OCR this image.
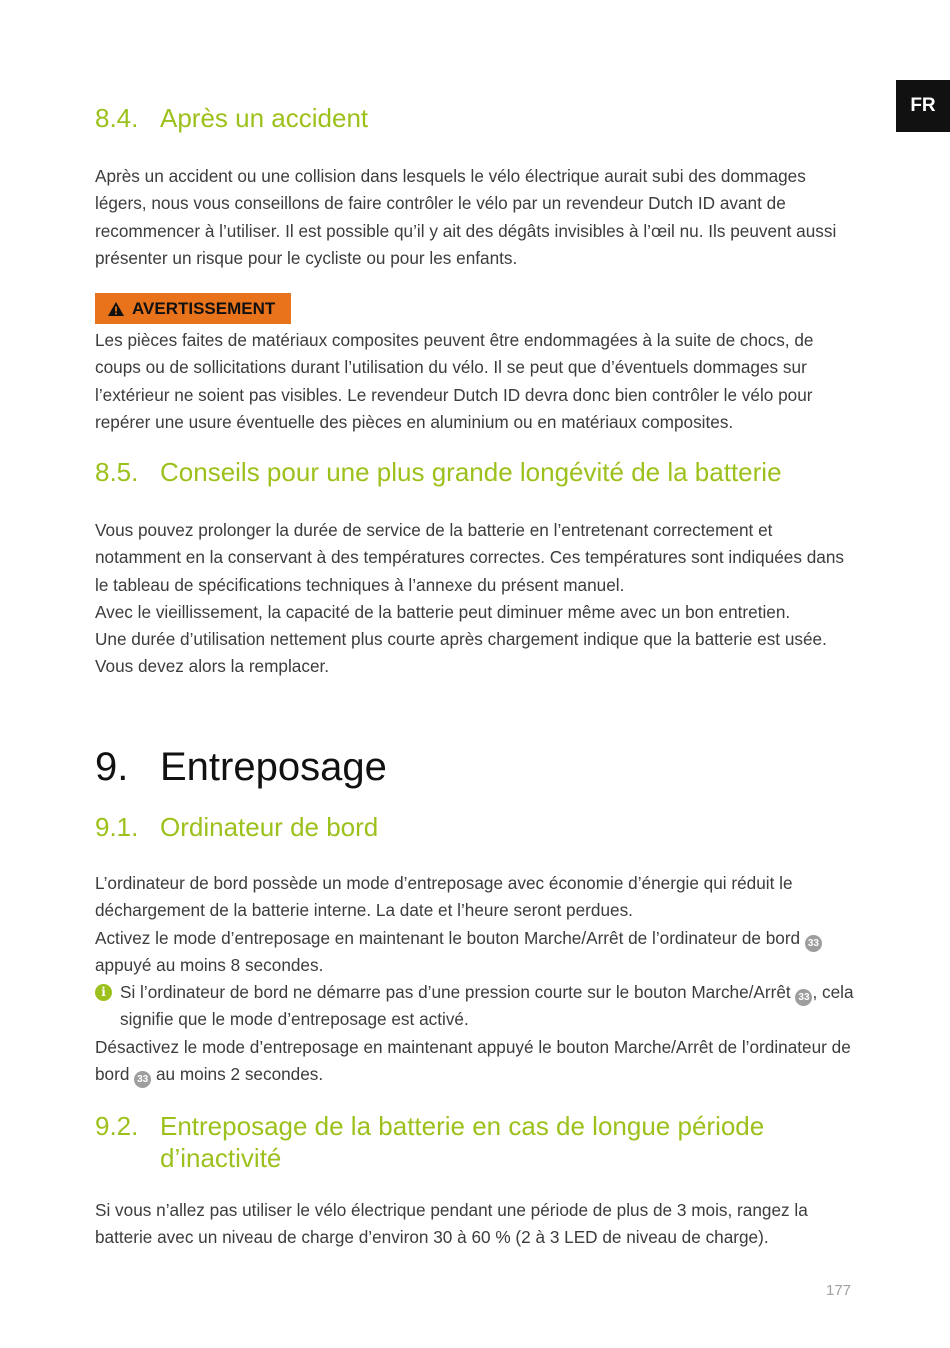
FR
8.4. Après un accident

Après un accident ou une collision dans lesquels le vélo électrique aurait subi des dommages légers, nous vous conseillons de faire contrôler le vélo par un revendeur Dutch ID avant de recommencer à l’utiliser. Il est possible qu’il y ait des dégâts invisibles à l’œil nu. Ils peuvent aussi présenter un risque pour le cycliste ou pour les enfants.

AVERTISSEMENT

Les pièces faites de matériaux composites peuvent être endommagées à la suite de chocs, de coups ou de sollicitations durant l’utilisation du vélo. Il se peut que d’éventuels dommages sur l’extérieur ne soient pas visibles. Le revendeur Dutch ID devra donc bien contrôler le vélo pour repérer une usure éventuelle des pièces en aluminium ou en matériaux composites.

8.5. Conseils pour une plus grande longévité de la batterie
Vous pouvez prolonger la durée de service de la batterie en l’entretenant correctement et notamment en la conservant à des températures correctes. Ces températures sont indiquées dans le tableau de spécifications techniques à l’annexe du présent manuel.
Avec le vieillissement, la capacité de la batterie peut diminuer même avec un bon entretien.
Une durée d’utilisation nettement plus courte après chargement indique que la batterie est usée. Vous devez alors la remplacer.
9. Entreposage
9.1. Ordinateur de bord
L’ordinateur de bord possède un mode d’entreposage avec économie d’énergie qui réduit le déchargement de la batterie interne. La date et l’heure seront perdues.
Activez le mode d’entreposage en maintenant le bouton Marche/Arrêt de l’ordinateur de bord 33 appuyé au moins 8 secondes.
i Si l’ordinateur de bord ne démarre pas d’une pression courte sur le bouton Marche/Arrêt 33 , cela signifie que le mode d’entreposage est activé.
Désactivez le mode d’entreposage en maintenant appuyé le bouton Marche/Arrêt de l’ordinateur de bord 33 au moins 2 secondes.
9.2. Entreposage de la batterie en cas de longue période d’inactivité

Si vous n’allez pas utiliser le vélo électrique pendant une période de plus de 3 mois, rangez la batterie avec un niveau de charge d’environ 30 à 60 % (2 à 3 LED de niveau de charge).

177
